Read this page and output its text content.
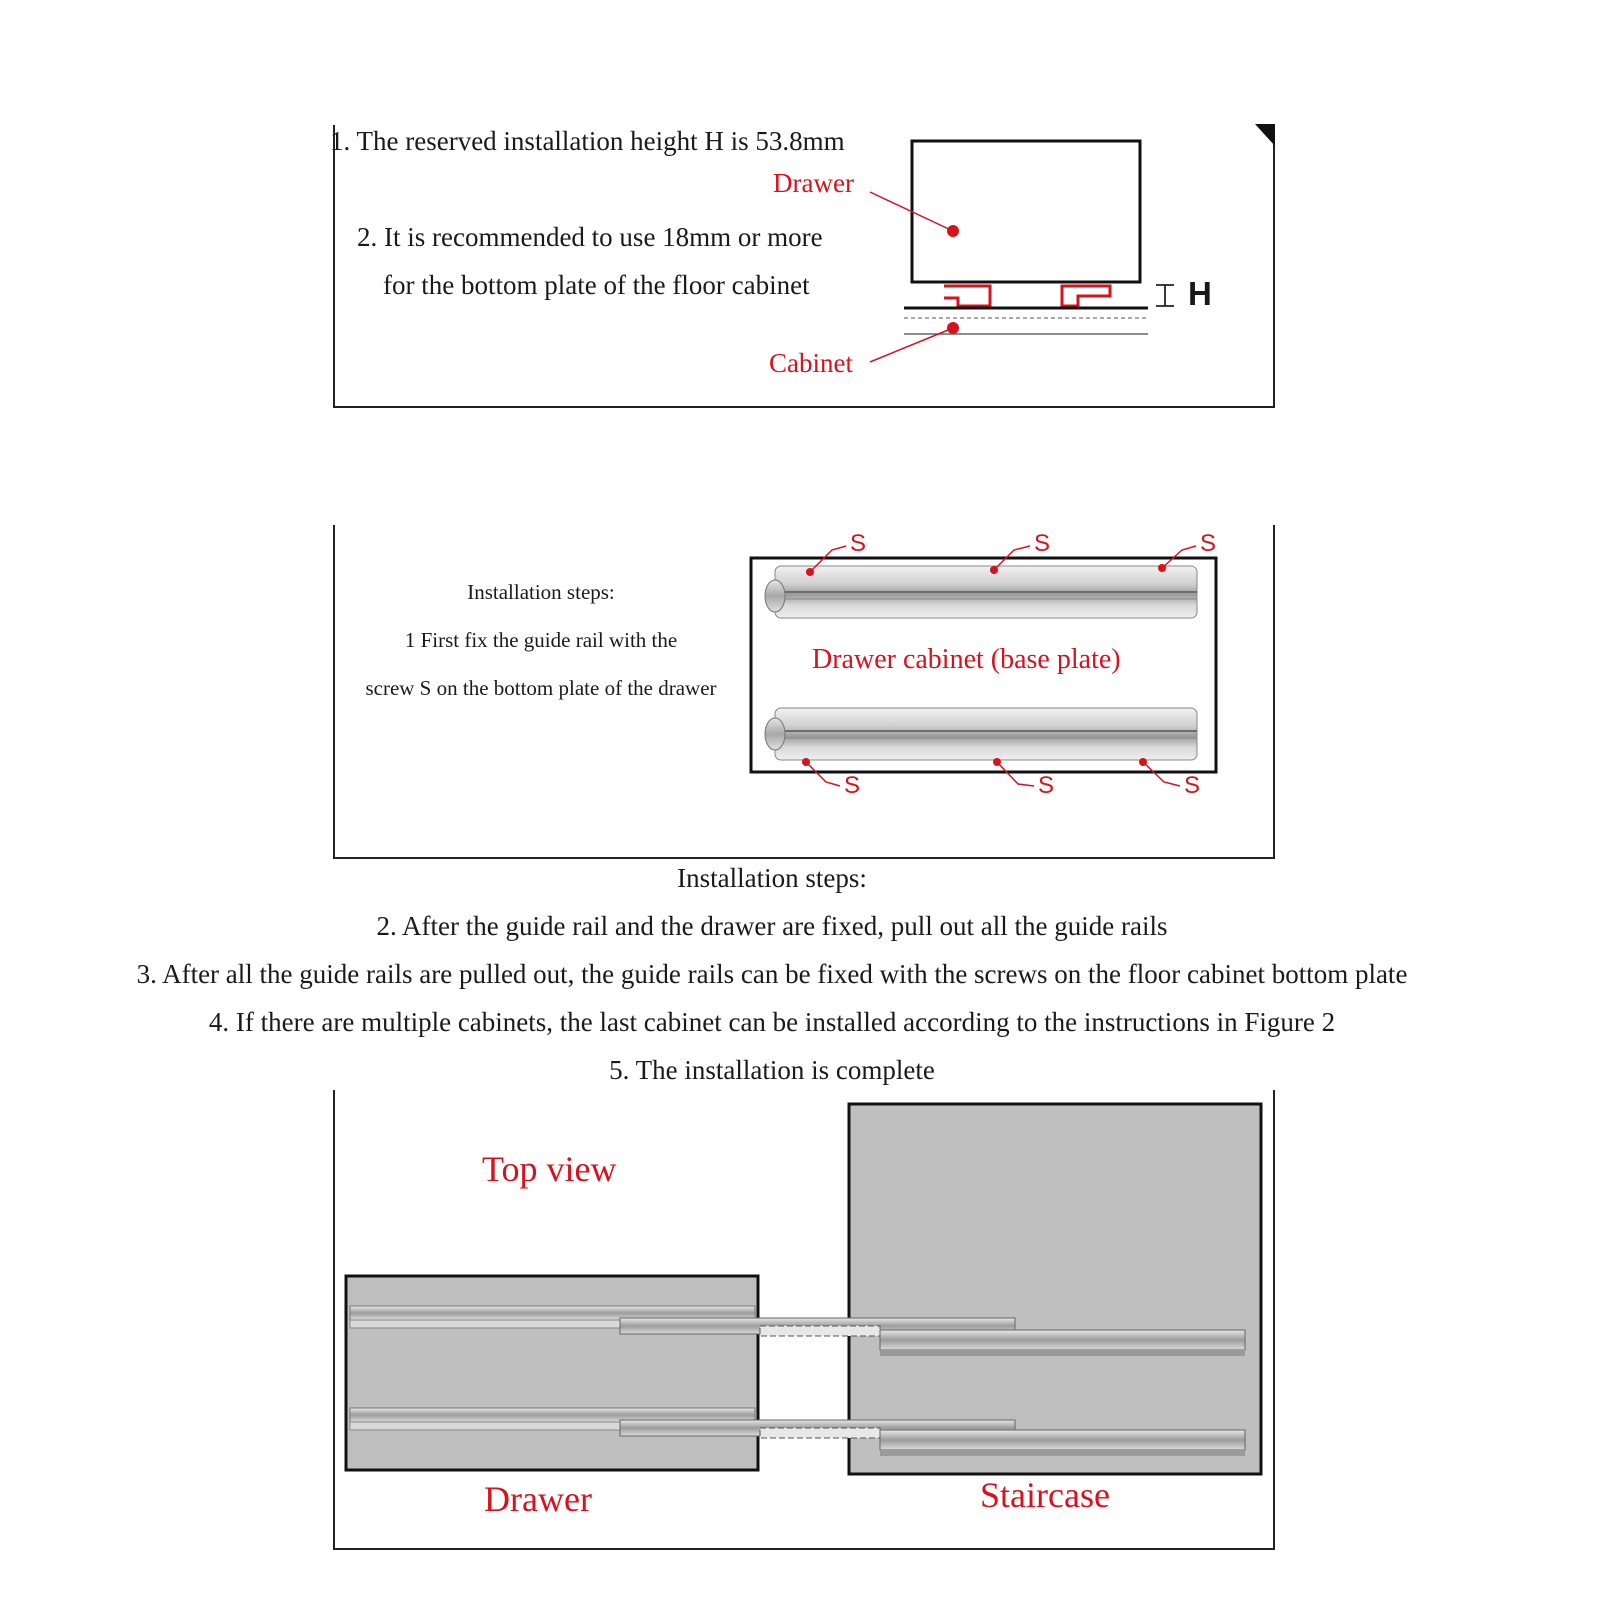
1. The reserved installation height H is 53.8mm
Drawer
2. It is recommended to use 18mm or more
for the bottom plate of the floor cabinet
Cabinet
H
S	S	S
S	S	S
Installation steps:
1 First fix the guide rail with the
screw S on the bottom plate of the drawer
Drawer cabinet (base plate)
Installation steps:
2. After the guide rail and the drawer are fixed, pull out all the guide rails
3. After all the guide rails are pulled out, the guide rails can be fixed with the screws on the floor cabinet bottom plate
4. If there are multiple cabinets, the last cabinet can be installed according to the instructions in Figure 2
5. The installation is complete
Top view
Drawer	Staircase
